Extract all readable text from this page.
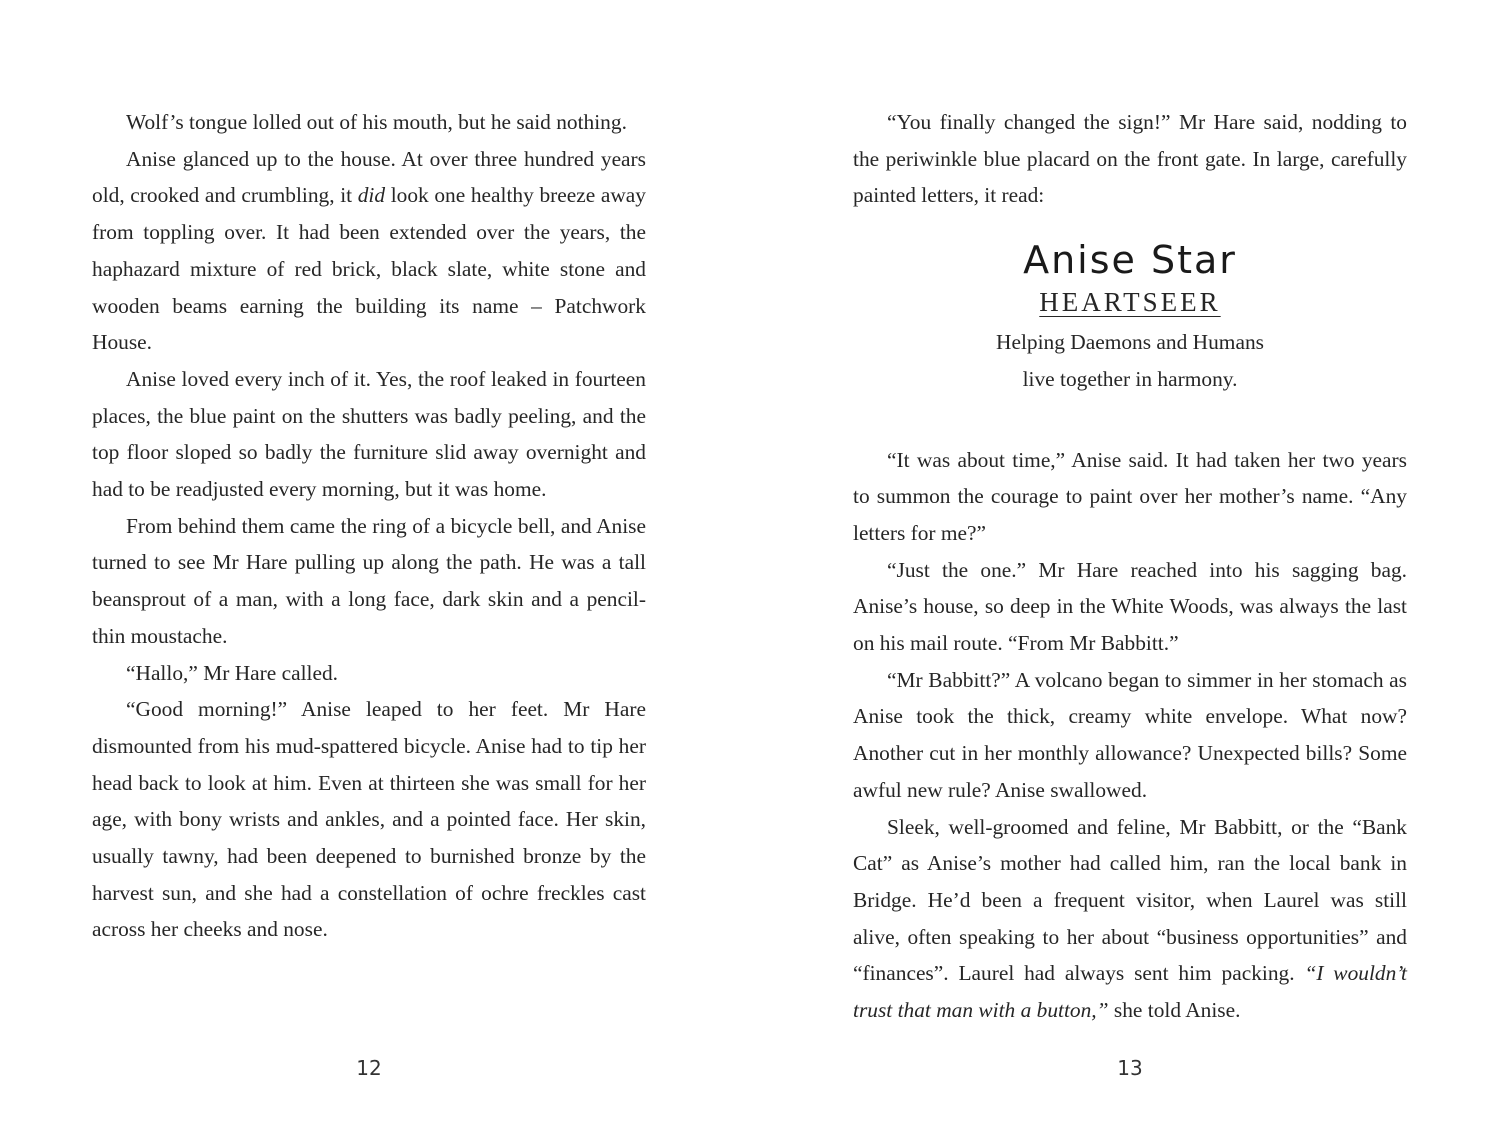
Wolf’s tongue lolled out of his mouth, but he said nothing.

Anise glanced up to the house. At over three hundred years old, crooked and crumbling, it did look one healthy breeze away from toppling over. It had been extended over the years, the haphazard mixture of red brick, black slate, white stone and wooden beams earning the building its name – Patchwork House.

Anise loved every inch of it. Yes, the roof leaked in fourteen places, the blue paint on the shutters was badly peeling, and the top floor sloped so badly the furniture slid away overnight and had to be readjusted every morning, but it was home.

From behind them came the ring of a bicycle bell, and Anise turned to see Mr Hare pulling up along the path. He was a tall beansprout of a man, with a long face, dark skin and a pencil-thin moustache.

“Hallo,” Mr Hare called.

“Good morning!” Anise leaped to her feet. Mr Hare dismounted from his mud-spattered bicycle. Anise had to tip her head back to look at him. Even at thirteen she was small for her age, with bony wrists and ankles, and a pointed face. Her skin, usually tawny, had been deepened to burnished bronze by the harvest sun, and she had a constellation of ochre freckles cast across her cheeks and nose.

“You finally changed the sign!” Mr Hare said, nodding to the periwinkle blue placard on the front gate. In large, carefully painted letters, it read:

Anise Star
HEARTSEER
Helping Daemons and Humans
live together in harmony.

“It was about time,” Anise said. It had taken her two years to summon the courage to paint over her mother’s name. “Any letters for me?”

“Just the one.” Mr Hare reached into his sagging bag. Anise’s house, so deep in the White Woods, was always the last on his mail route. “From Mr Babbitt.”

“Mr Babbitt?” A volcano began to simmer in her stomach as Anise took the thick, creamy white envelope. What now? Another cut in her monthly allowance? Unexpected bills? Some awful new rule? Anise swallowed.

Sleek, well-groomed and feline, Mr Babbitt, or the “Bank Cat” as Anise’s mother had called him, ran the local bank in Bridge. He’d been a frequent visitor, when Laurel was still alive, often speaking to her about “business opportunities” and “finances”. Laurel had always sent him packing. “I wouldn’t trust that man with a button,” she told Anise.

12	13
